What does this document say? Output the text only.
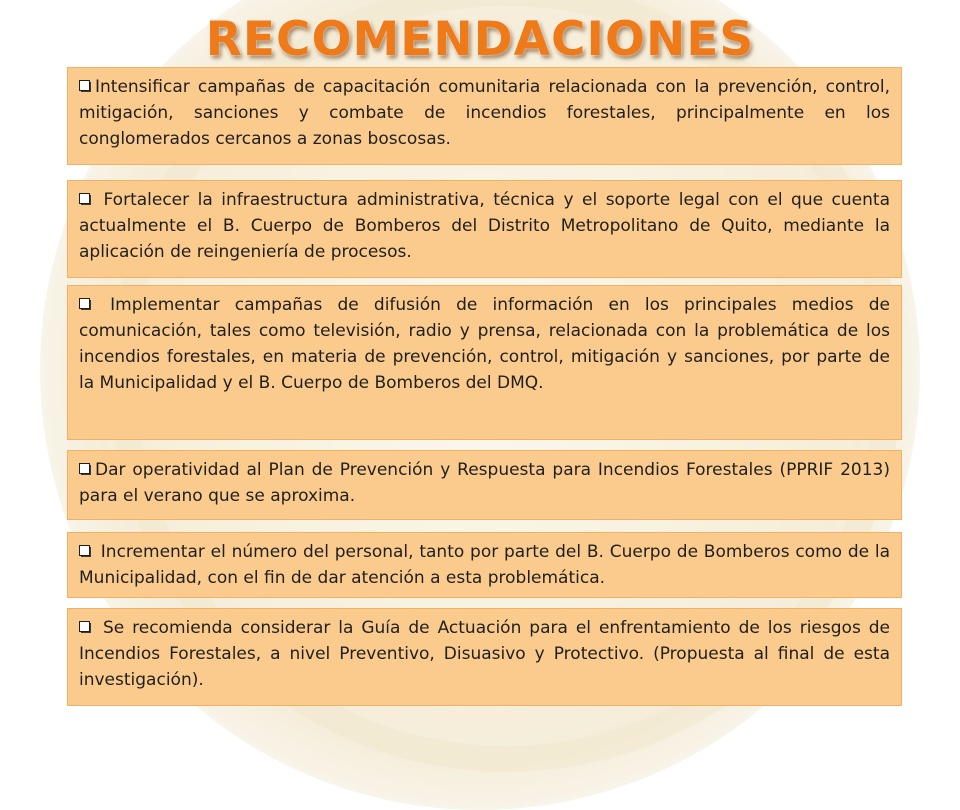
RECOMENDACIONES
Intensificar campañas de capacitación comunitaria relacionada con la prevención, control, mitigación, sanciones y combate de incendios forestales, principalmente en los conglomerados cercanos a zonas boscosas.
Fortalecer la infraestructura administrativa, técnica y el soporte legal con el que cuenta actualmente el B. Cuerpo de Bomberos del Distrito Metropolitano de Quito, mediante la aplicación de reingeniería de procesos.
Implementar campañas de difusión de información en los principales medios de comunicación, tales como televisión, radio y prensa, relacionada con la problemática de los incendios forestales, en materia de prevención, control, mitigación y sanciones, por parte de la Municipalidad y el B. Cuerpo de Bomberos del DMQ.
Dar operatividad al Plan de Prevención y Respuesta para Incendios Forestales (PPRIF 2013) para el verano que se aproxima.
Incrementar el número del personal, tanto por parte del B. Cuerpo de Bomberos como de la Municipalidad, con el fin de dar atención a esta problemática.
Se recomienda considerar la Guía de Actuación para el enfrentamiento de los riesgos de Incendios Forestales, a nivel Preventivo, Disuasivo y Protectivo. (Propuesta al final de esta investigación).
